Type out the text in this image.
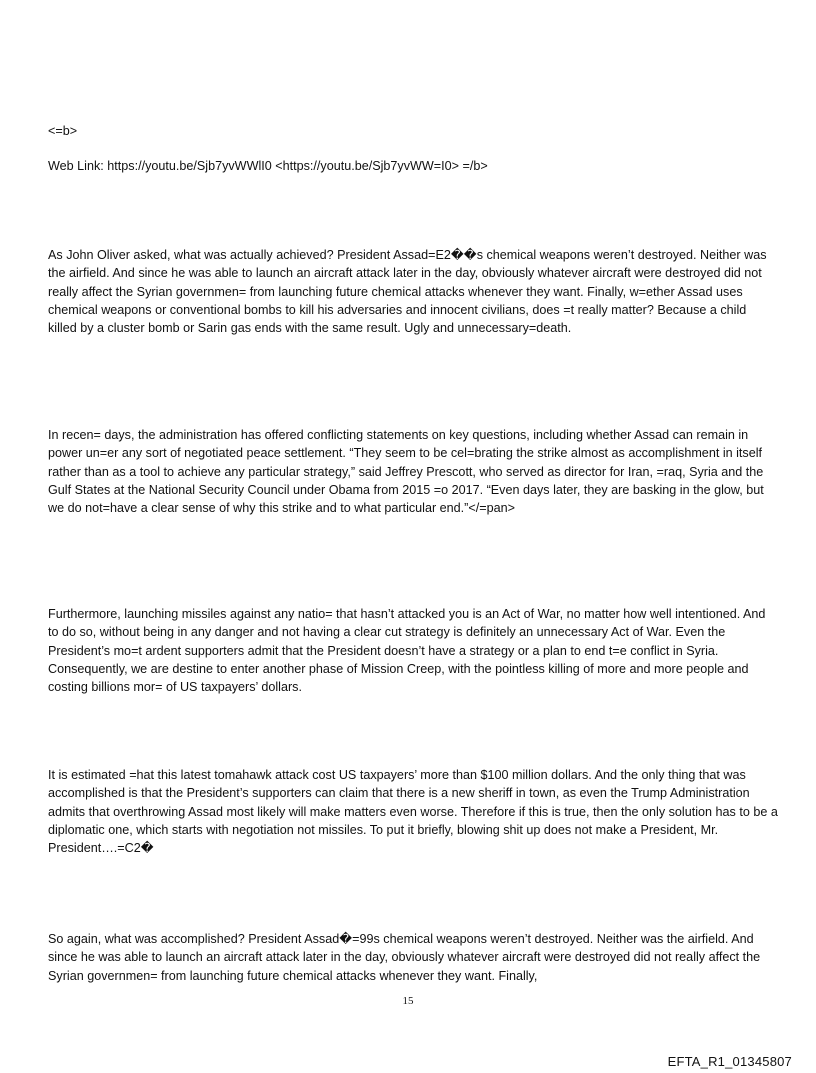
<=b>
Web Link: https://youtu.be/Sjb7yvWWlI0 <https://youtu.be/Sjb7yvWW=I0> =/b>
As John Oliver asked, what was actually achieved? President Assad=E2��s chemical weapons weren’t destroyed. Neither was the airfield. And since he was able to launch an aircraft attack later in the day, obviously whatever aircraft were destroyed did not really affect the Syrian governmen= from launching future chemical attacks whenever they want. Finally, w=ether Assad uses chemical weapons or conventional bombs to kill his adversaries and innocent civilians, does =t really matter? Because a child killed by a cluster bomb or Sarin gas ends with the same result. Ugly and unnecessary=death.
In recen= days, the administration has offered conflicting statements on key questions, including whether Assad can remain in power un=er any sort of negotiated peace settlement. “They seem to be cel=brating the strike almost as accomplishment in itself rather than as a tool to achieve any particular strategy,” said Jeffrey Prescott, who served as director for Iran, =raq, Syria and the Gulf States at the National Security Council under Obama from 2015 =o 2017. “Even days later, they are basking in the glow, but we do not=have a clear sense of why this strike and to what particular end.”</=pan>
Furthermore, launching missiles against any natio= that hasn’t attacked you is an Act of War, no matter how well intentioned. And to do so, without being in any danger and not having a clear cut strategy is definitely an unnecessary Act of War. Even the President’s mo=t ardent supporters admit that the President doesn’t have a strategy or a plan to end t=e conflict in Syria. Consequently, we are destine to enter another phase of Mission Creep, with the pointless killing of more and more people and costing billions mor= of US taxpayers’ dollars.
It is estimated =hat this latest tomahawk attack cost US taxpayers’ more than $100 million dollars. And the only thing that was accomplished is that the President’s supporters can claim that there is a new sheriff in town, as even the Trump Administration admits that overthrowing Assad most likely will make matters even worse. Therefore if this is true, then the only solution has to be a diplomatic one, which starts with negotiation not missiles. To put it briefly, blowing shit up does not make a President, Mr. President….=C2�
So again, what was accomplished? President Assad�=99s chemical weapons weren’t destroyed. Neither was the airfield. And since he was able to launch an aircraft attack later in the day, obviously whatever aircraft were destroyed did not really affect the Syrian governmen= from launching future chemical attacks whenever they want. Finally,
15
EFTA_R1_01345807
